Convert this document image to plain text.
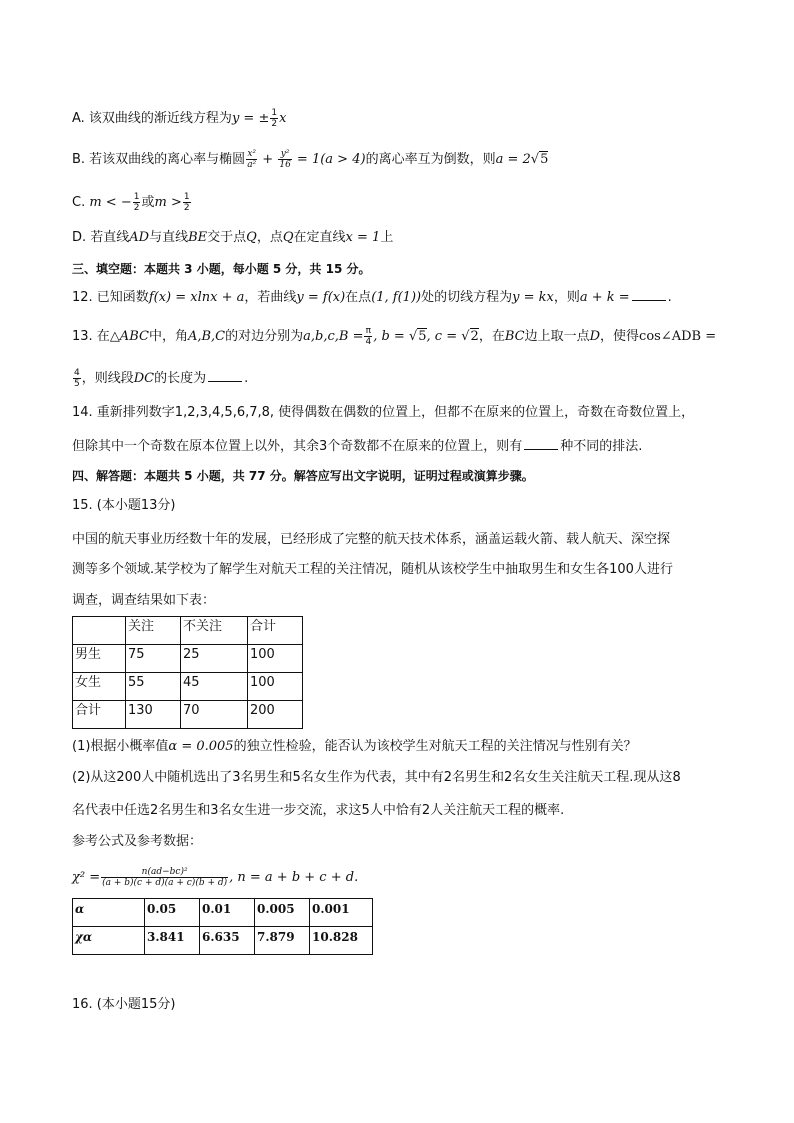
A. 该双曲线的渐近线方程为y = ± $\frac{1}{2}$ x
B. 若该双曲线的离心率与椭圆 $\frac{\text{x²}}{\text{a²}} + \frac{\text{y²}}{16} = 1(a > 4)$的离心率互为倒数，则a = 2√5
C. m < − $\frac{1}{2}$ 或$m > \frac{1}{2}$
D. 若直线AD与直线BE交于点Q，点Q在定直线x = 1上
三、填空题：本题共 3 小题，每小题 5 分，共 15 分。
12. 已知函数f(x) = xlnx + a，若曲线y = f(x)在点(1, f(1))处的切线方程为y = kx，则a + k =	.
13. 在△ABC中，角A,B,C的对边分别为$a,b,c,B = \frac{\pi}{4}$ , b = √5, c = √2，在BC边上取一点D，使得cos∠ADB =
$\frac{4}{5}$ ，则线段DC的长度为	.
14. 重新排列数字1,2,3,4,5,6,7,8, 使得偶数在偶数的位置上，但都不在原来的位置上，奇数在奇数位置上，
但除其中一个奇数在原本位置上以外，其余3个奇数都不在原来的位置上，则有	种不同的排法.
四、解答题：本题共 5 小题，共 77 分。解答应写出文字说明，证明过程或演算步骤。
15. (本小题13分)
中国的航天事业历经数十年的发展，已经形成了完整的航天技术体系，涵盖运载火箭、载人航天、深空探
测等多个领域.某学校为了解学生对航天工程的关注情况，随机从该校学生中抽取男生和女生各100人进行
调查，调查结果如下表：
	关注	不关注	合计
男生	75	25	100
女生	55	45	100
合计	130	70	200
(1)根据小概率值α = 0.005的独立性检验，能否认为该校学生对航天工程的关注情况与性别有关？
(2)从这200人中随机选出了3名男生和5名女生作为代表，其中有2名男生和2名女生关注航天工程.现从这8
名代表中任选2名男生和3名女生进一步交流，求这5人中恰有2人关注航天工程的概率.
参考公式及参考数据：
$\chi^2 = \frac{\text{n(ad−bc)²}}{(a + b)(c + d)(a + c)(b + d)}$ , n = a + b + c + d.
α	0.05	0.01	0.005	0.001
χα	3.841	6.635	7.879	10.828
16. (本小题15分)
